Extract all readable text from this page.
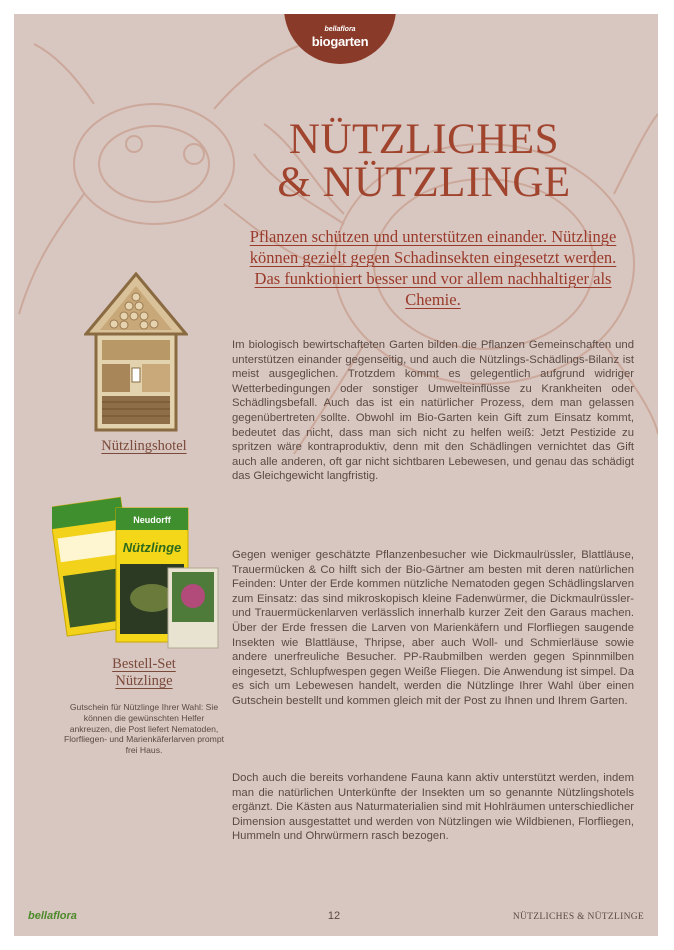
bellaflora
biogarten
NÜTZLICHES
& NÜTZLINGE
Pflanzen schützen und unterstützen einander. Nützlinge können gezielt gegen Schadinsekten eingesetzt werden. Das funktioniert besser und vor allem nachhaltiger als Chemie.
Im biologisch bewirtschafteten Garten bilden die Pflanzen Gemeinschaften und unterstützen einander gegenseitig, und auch die Nützlings-Schädlings-Bilanz ist meist ausgeglichen. Trotzdem kommt es gelegentlich aufgrund widriger Wetterbedingungen oder sonstiger Umwelteinflüsse zu Krankheiten oder Schädlingsbefall. Auch das ist ein natürlicher Prozess, dem man gelassen gegenübertreten sollte. Obwohl im Bio-Garten kein Gift zum Einsatz kommt, bedeutet das nicht, dass man sich nicht zu helfen weiß: Jetzt Pestizide zu spritzen wäre kontraproduktiv, denn mit den Schädlingen vernichtet das Gift auch alle anderen, oft gar nicht sichtbaren Lebewesen, und genau das schädigt das Gleichgewicht langfristig.
Gegen weniger geschätzte Pflanzenbesucher wie Dickmaulrüssler, Blattläuse, Trauermücken & Co hilft sich der Bio-Gärtner am besten mit deren natürlichen Feinden: Unter der Erde kommen nützliche Nematoden gegen Schädlingslarven zum Einsatz: das sind mikroskopisch kleine Fadenwürmer, die Dickmaulrüssler- und Trauermückenlarven verlässlich innerhalb kurzer Zeit den Garaus machen. Über der Erde fressen die Larven von Marienkäfern und Florfliegen saugende Insekten wie Blattläuse, Thripse, aber auch Woll- und Schmierläuse sowie andere unerfreuliche Besucher. PP-Raubmilben werden gegen Spinnmilben eingesetzt, Schlupfwespen gegen Weiße Fliegen. Die Anwendung ist simpel. Da es sich um Lebewesen handelt, werden die Nützlinge Ihrer Wahl über einen Gutschein bestellt und kommen gleich mit der Post zu Ihnen und Ihrem Garten.
Doch auch die bereits vorhandene Fauna kann aktiv unterstützt werden, indem man die natürlichen Unterkünfte der Insekten um so genannte Nützlingshotels ergänzt. Die Kästen aus Naturmaterialien sind mit Hohlräumen unterschiedlicher Dimension ausgestattet und werden von Nützlingen wie Wildbienen, Florfliegen, Hummeln und Ohrwürmern rasch bezogen.
Nützlingshotel
Neudorff
Nützlinge
Bestell-Set
Nützlinge
Gutschein für Nützlinge Ihrer Wahl: Sie können die gewünschten Helfer ankreuzen, die Post liefert Nematoden, Florfliegen- und Marienkäferlarven prompt frei Haus.
bellaflora	12	NÜTZLICHES & NÜTZLINGE
